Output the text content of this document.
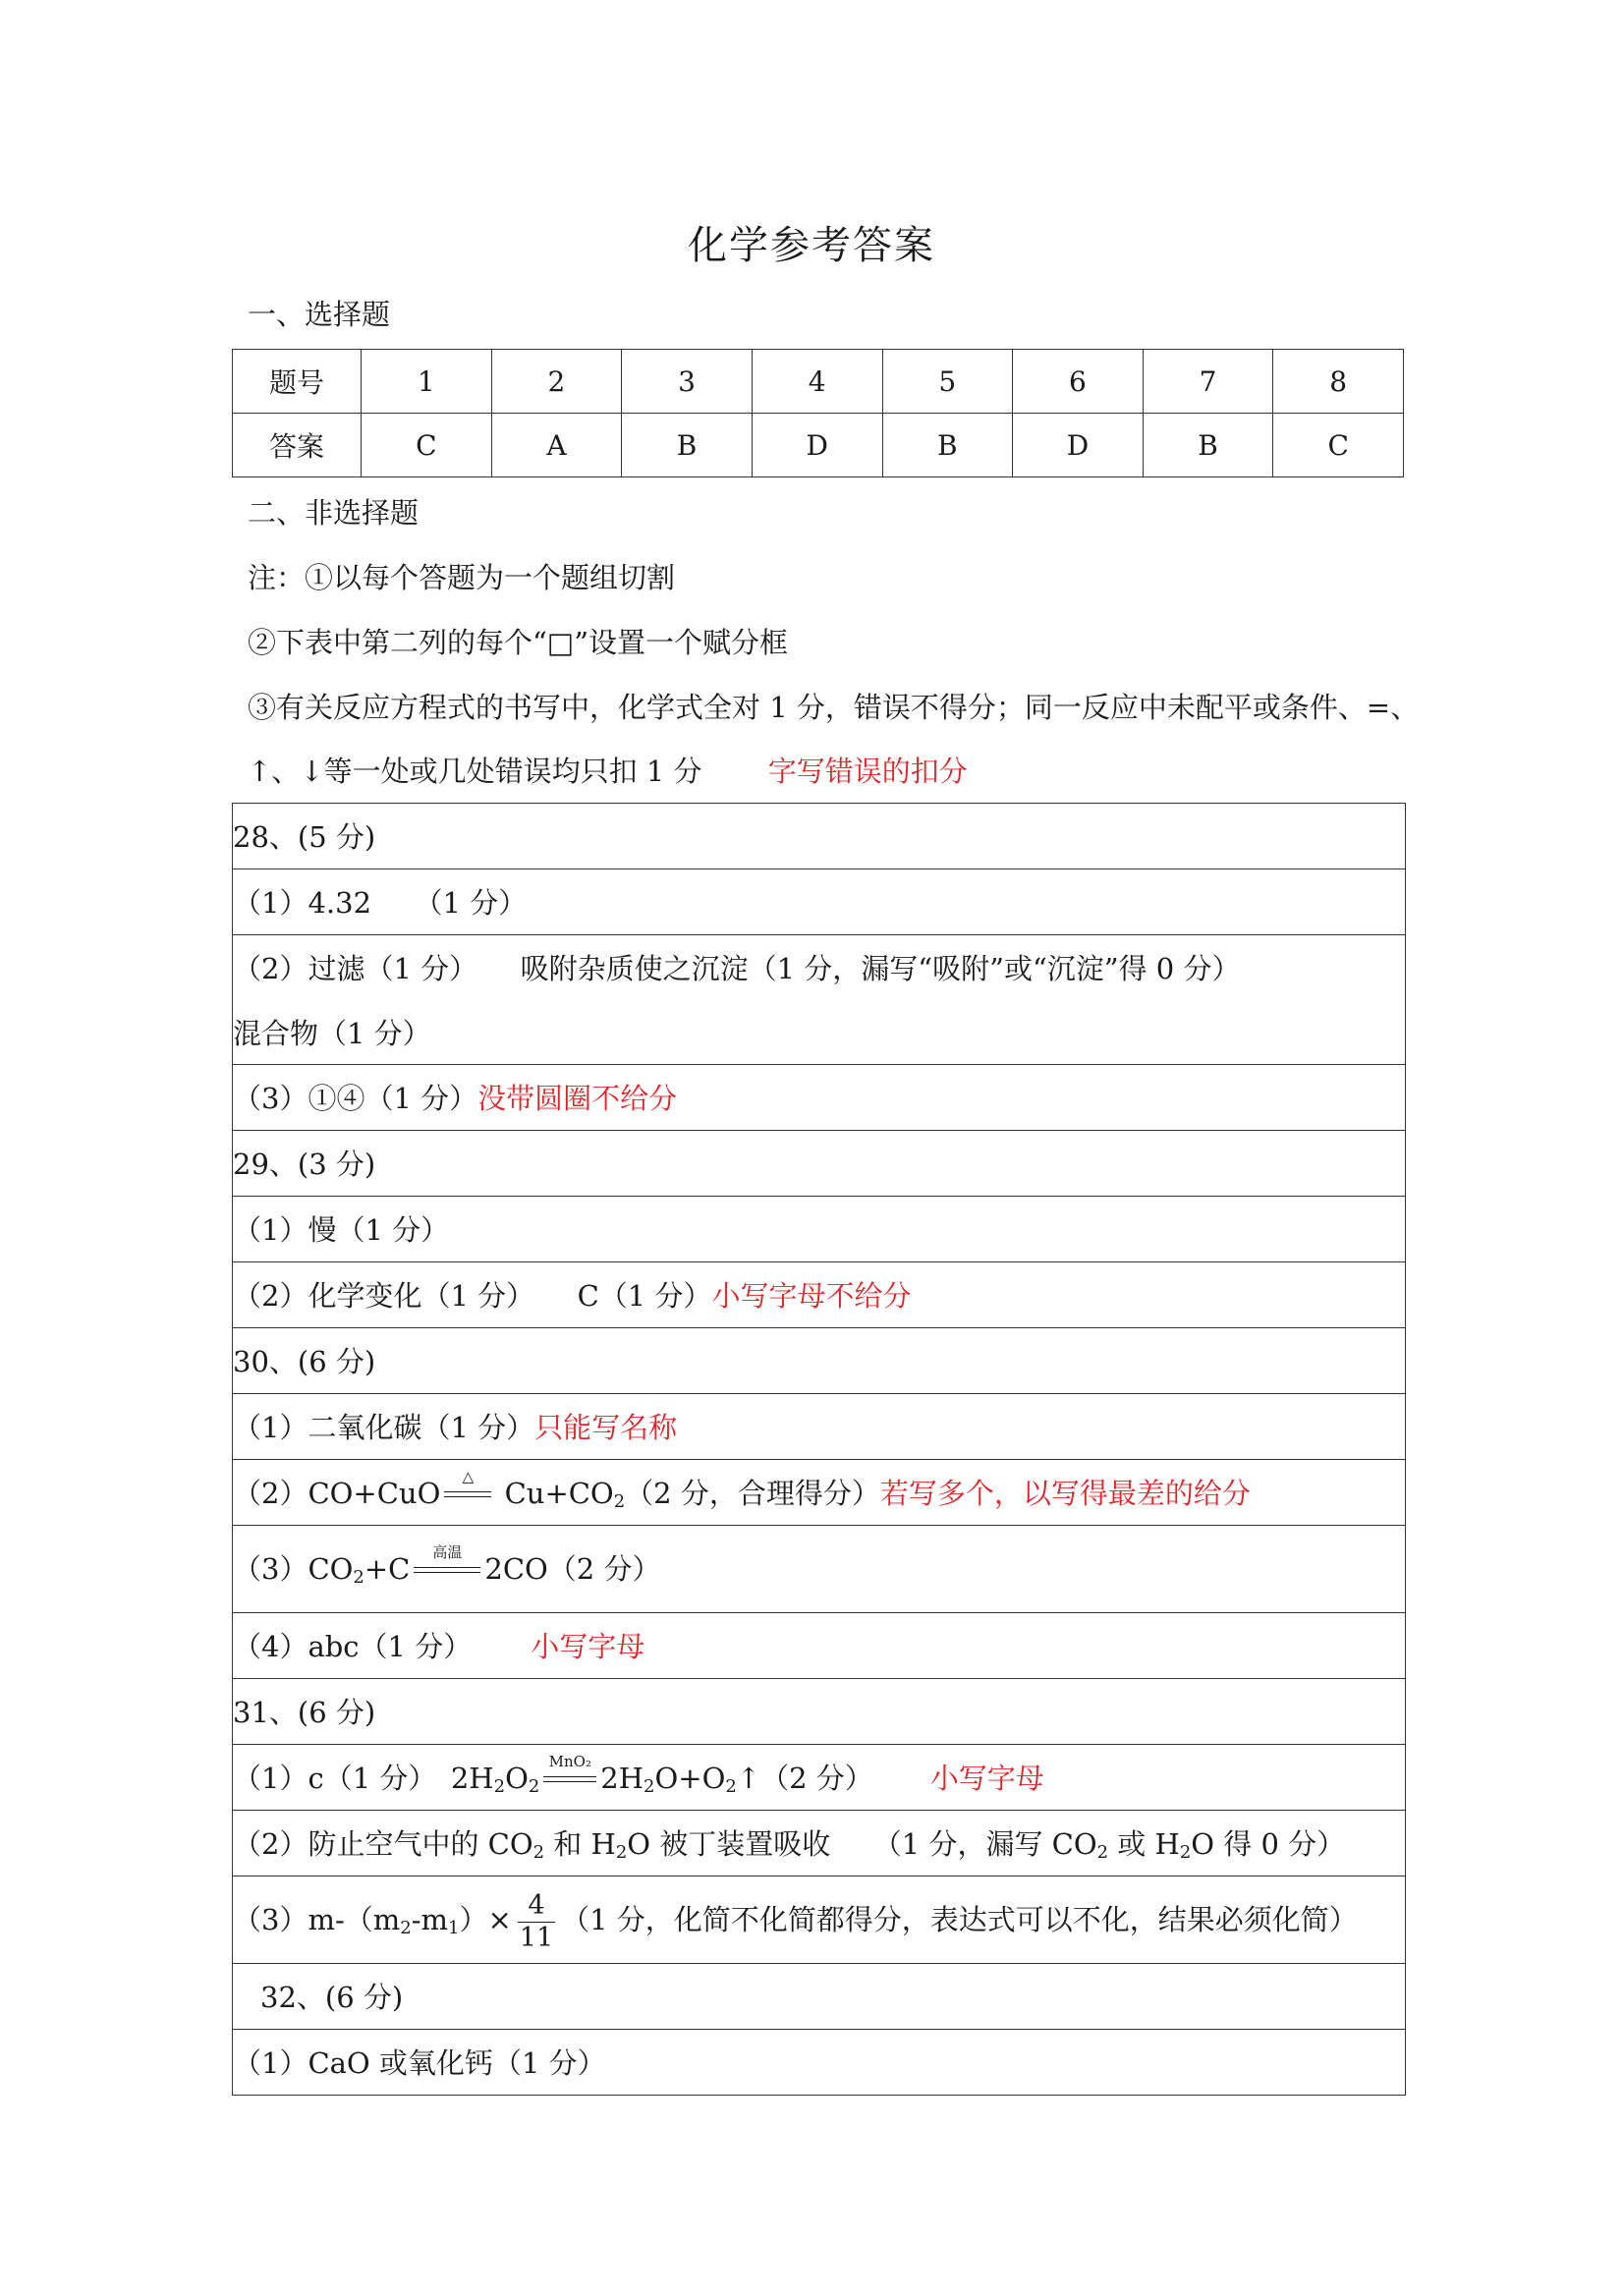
化学参考答案
一、选择题
题号	1	2	3	4	5	6	7	8
答案	C	A	B	D	B	D	B	C
二、非选择题
注：①以每个答题为一个题组切割
②下表中第二列的每个“□”设置一个赋分框
③有关反应方程式的书写中，化学式全对 1 分，错误不得分；同一反应中未配平或条件、=、
↑、↓等一处或几处错误均只扣 1 分 字写错误的扣分
28、(5 分)
（1）4.32　　（1 分）
（2）过滤（1 分）　　吸附杂质使之沉淀（1 分，漏写“吸附”或“沉淀”得 0 分）
混合物（1 分）
（3）①④（1 分）没带圆圈不给分
29、(3 分)
（1）慢（1 分）
（2）化学变化（1 分）　　C（1 分）小写字母不给分
30、(6 分)
（1）二氧化碳（1 分）只能写名称
（2）CO+CuO	△ $Cu+CO_2(2$ 分，合理得分）若写多个，以写得最差的给分
$(3)CO_2+C$	高温 2CO（2 分）
（4）abc（1 分） 小写字母
31、(6 分)
（1）c（1 分）　$2H_2O_2$
MnO₂ $2H_2O+O_2↑(2$ 分） 小写字母
（2）防止空气中的 $CO_2$ 和 $H_2O$ 被丁装置吸收　　（1 分，漏写 $CO_2$ 或 $H_2O$ 得 0 分）
$(3)m-(m_2-m_1)\times \frac{4}{11} (1$ 分，化简不化简都得分，表达式可以不化，结果必须化简）
32、(6 分)
（1）CaO 或氧化钙（1 分）
